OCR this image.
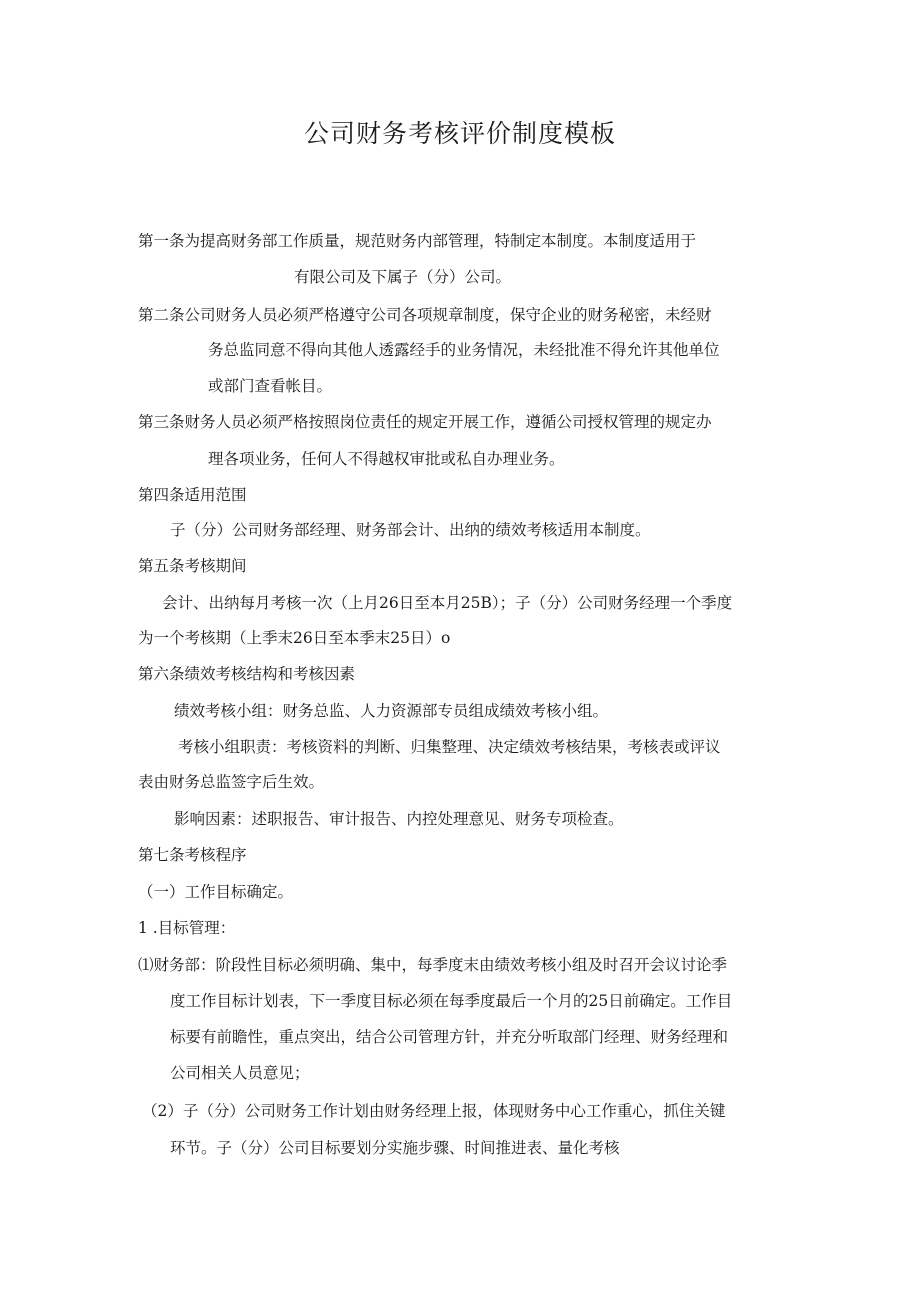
公司财务考核评价制度模板
第一条为提高财务部工作质量，规范财务内部管理，特制定本制度。本制度适用于
有限公司及下属子（分）公司。
第二条公司财务人员必须严格遵守公司各项规章制度，保守企业的财务秘密，未经财
务总监同意不得向其他人透露经手的业务情况，未经批准不得允许其他单位
或部门查看帐目。
第三条财务人员必须严格按照岗位责任的规定开展工作，遵循公司授权管理的规定办
理各项业务，任何人不得越权审批或私自办理业务。
第四条适用范围
子（分）公司财务部经理、财务部会计、出纳的绩效考核适用本制度。
第五条考核期间
会计、出纳每月考核一次（上月26日至本月25B）；子（分）公司财务经理一个季度
为一个考核期（上季末26日至本季末25日）o
第六条绩效考核结构和考核因素
绩效考核小组：财务总监、人力资源部专员组成绩效考核小组。
考核小组职责：考核资料的判断、归集整理、决定绩效考核结果，考核表或评议
表由财务总监签字后生效。
影响因素：述职报告、审计报告、内控处理意见、财务专项检查。
第七条考核程序
（一）工作目标确定。
1 .目标管理：
⑴财务部：阶段性目标必须明确、集中，每季度末由绩效考核小组及时召开会议讨论季
度工作目标计划表，下一季度目标必须在每季度最后一个月的25日前确定。工作目
标要有前瞻性，重点突出，结合公司管理方针，并充分听取部门经理、财务经理和
公司相关人员意见；
（2）子（分）公司财务工作计划由财务经理上报，体现财务中心工作重心，抓住关键
环节。子（分）公司目标要划分实施步骤、时间推进表、量化考核
